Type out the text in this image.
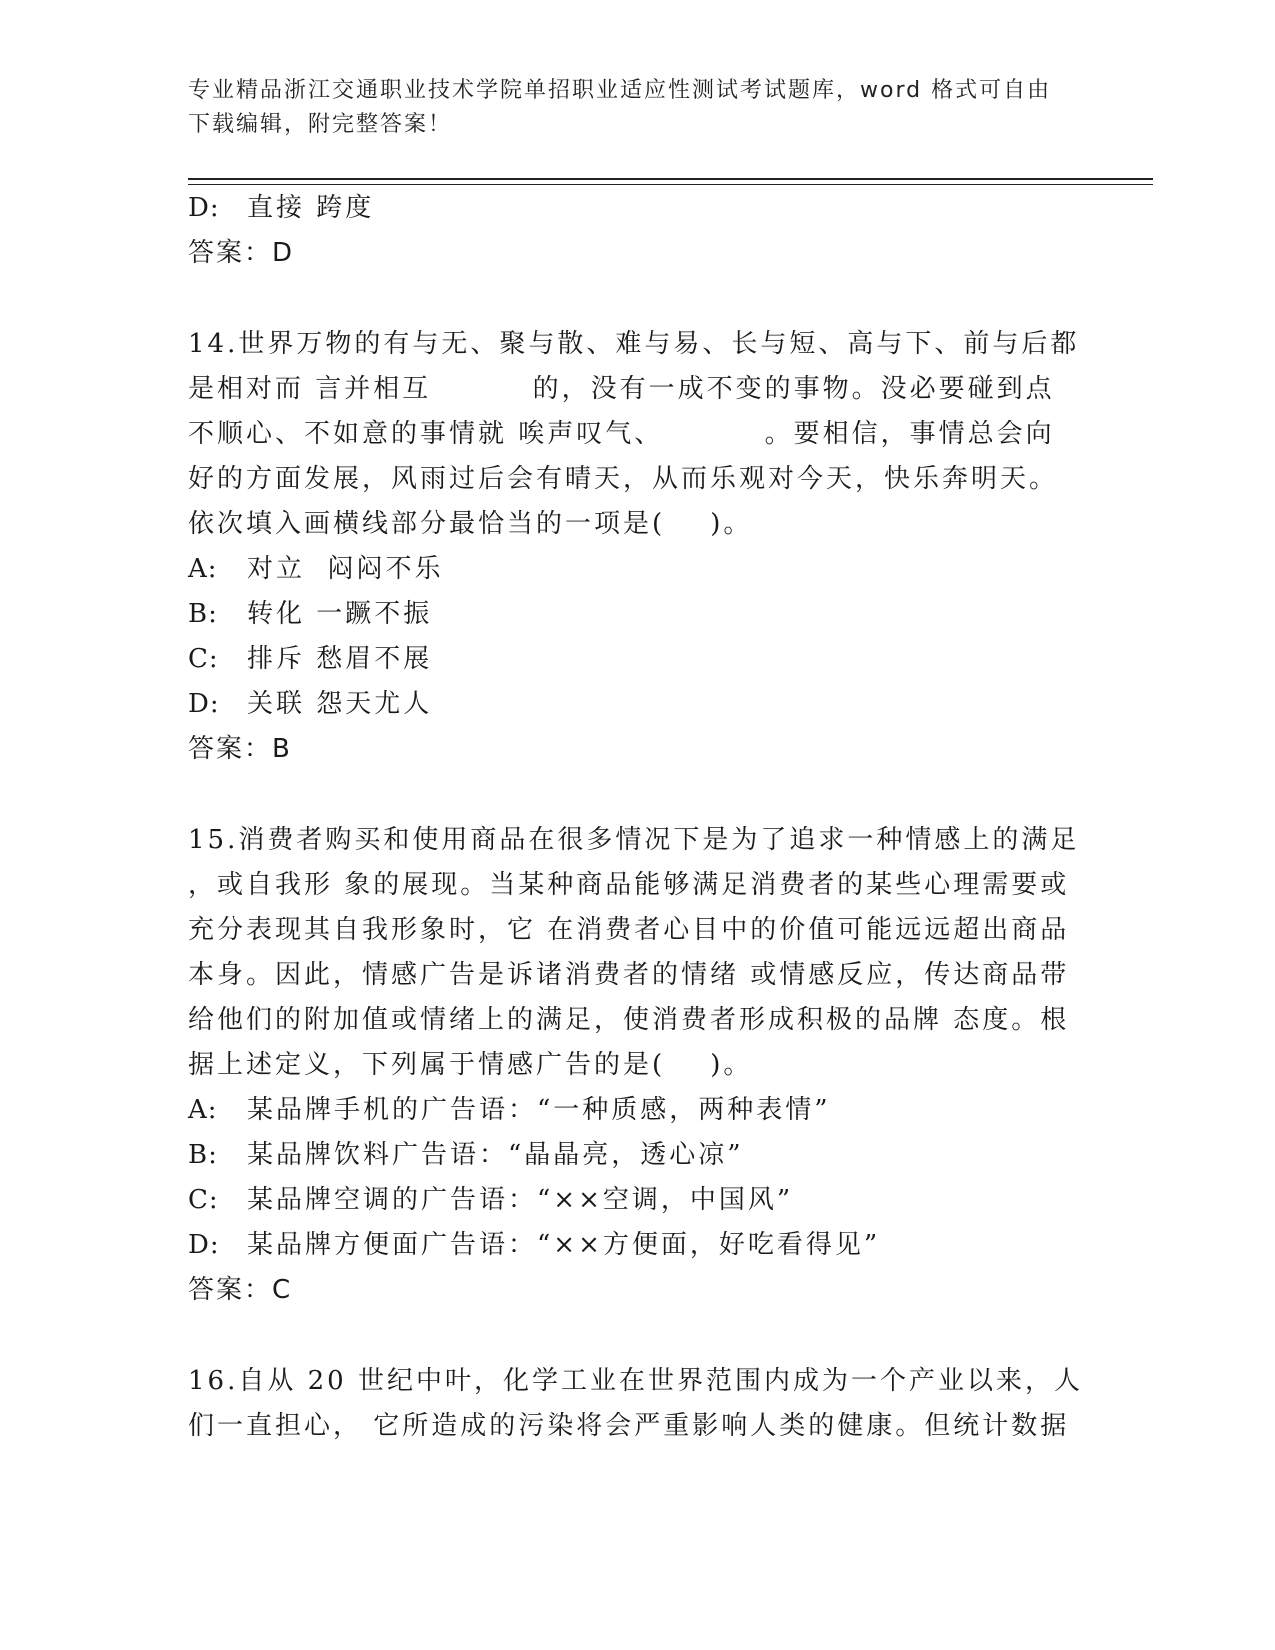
专业精品浙江交通职业技术学院单招职业适应性测试考试题库，word 格式可自由
下载编辑，附完整答案！
D: 直接 跨度
答案：D
14.世界万物的有与无、聚与散、难与易、长与短、高与下、前与后都
是相对而 言并相互         的，没有一成不变的事物。没必要碰到点
不顺心、不如意的事情就 唉声叹气、         。要相信，事情总会向
好的方面发展，风雨过后会有晴天，从而乐观对今天，快乐奔明天。
依次填入画横线部分最恰当的一项是(    )。
A: 对立  闷闷不乐
B: 转化 一蹶不振
C: 排斥 愁眉不展
D: 关联 怨天尤人
答案：B
15.消费者购买和使用商品在很多情况下是为了追求一种情感上的满足
，或自我形 象的展现。当某种商品能够满足消费者的某些心理需要或
充分表现其自我形象时，它 在消费者心目中的价值可能远远超出商品
本身。因此，情感广告是诉诸消费者的情绪 或情感反应，传达商品带
给他们的附加值或情绪上的满足，使消费者形成积极的品牌 态度。根
据上述定义，下列属于情感广告的是(    )。
A: 某品牌手机的广告语：“一种质感，两种表情”
B: 某品牌饮料广告语：“晶晶亮，透心凉”
C: 某品牌空调的广告语：“××空调，中国风”
D: 某品牌方便面广告语：“××方便面，好吃看得见”
答案：C
16.自从 20 世纪中叶，化学工业在世界范围内成为一个产业以来，人
们一直担心， 它所造成的污染将会严重影响人类的健康。但统计数据
